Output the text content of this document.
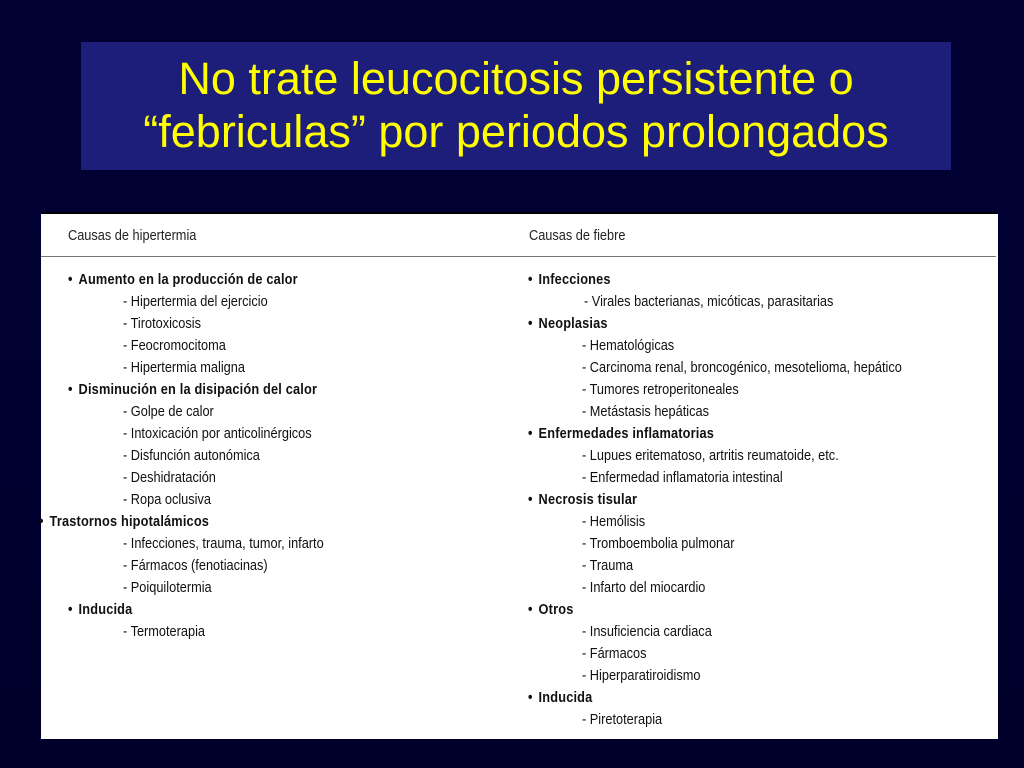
No trate leucocitosis persistente o
“febriculas” por periodos prolongados
Causas de hipertermia	Causas de fiebre
• Aumento en la producción de calor
- Hipertermia del ejercicio
- Tirotoxicosis
- Feocromocitoma
- Hipertermia maligna
• Disminución en la disipación del calor
- Golpe de calor
- Intoxicación por anticolinérgicos
- Disfunción autonómica
- Deshidratación
- Ropa oclusiva
• Trastornos hipotalámicos
- Infecciones, trauma, tumor, infarto
- Fármacos (fenotiacinas)
- Poiquilotermia
• Inducida
- Termoterapia
• Infecciones
- Virales bacterianas, micóticas, parasitarias
• Neoplasias
- Hematológicas
- Carcinoma renal, broncogénico, mesotelioma, hepático
- Tumores retroperitoneales
- Metástasis hepáticas
• Enfermedades inflamatorias
- Lupues eritematoso, artritis reumatoide, etc.
- Enfermedad inflamatoria intestinal
• Necrosis tisular
- Hemólisis
- Tromboembolia pulmonar
- Trauma
- Infarto del miocardio
• Otros
- Insuficiencia cardiaca
- Fármacos
- Hiperparatiroidismo
• Inducida
- Piretoterapia
